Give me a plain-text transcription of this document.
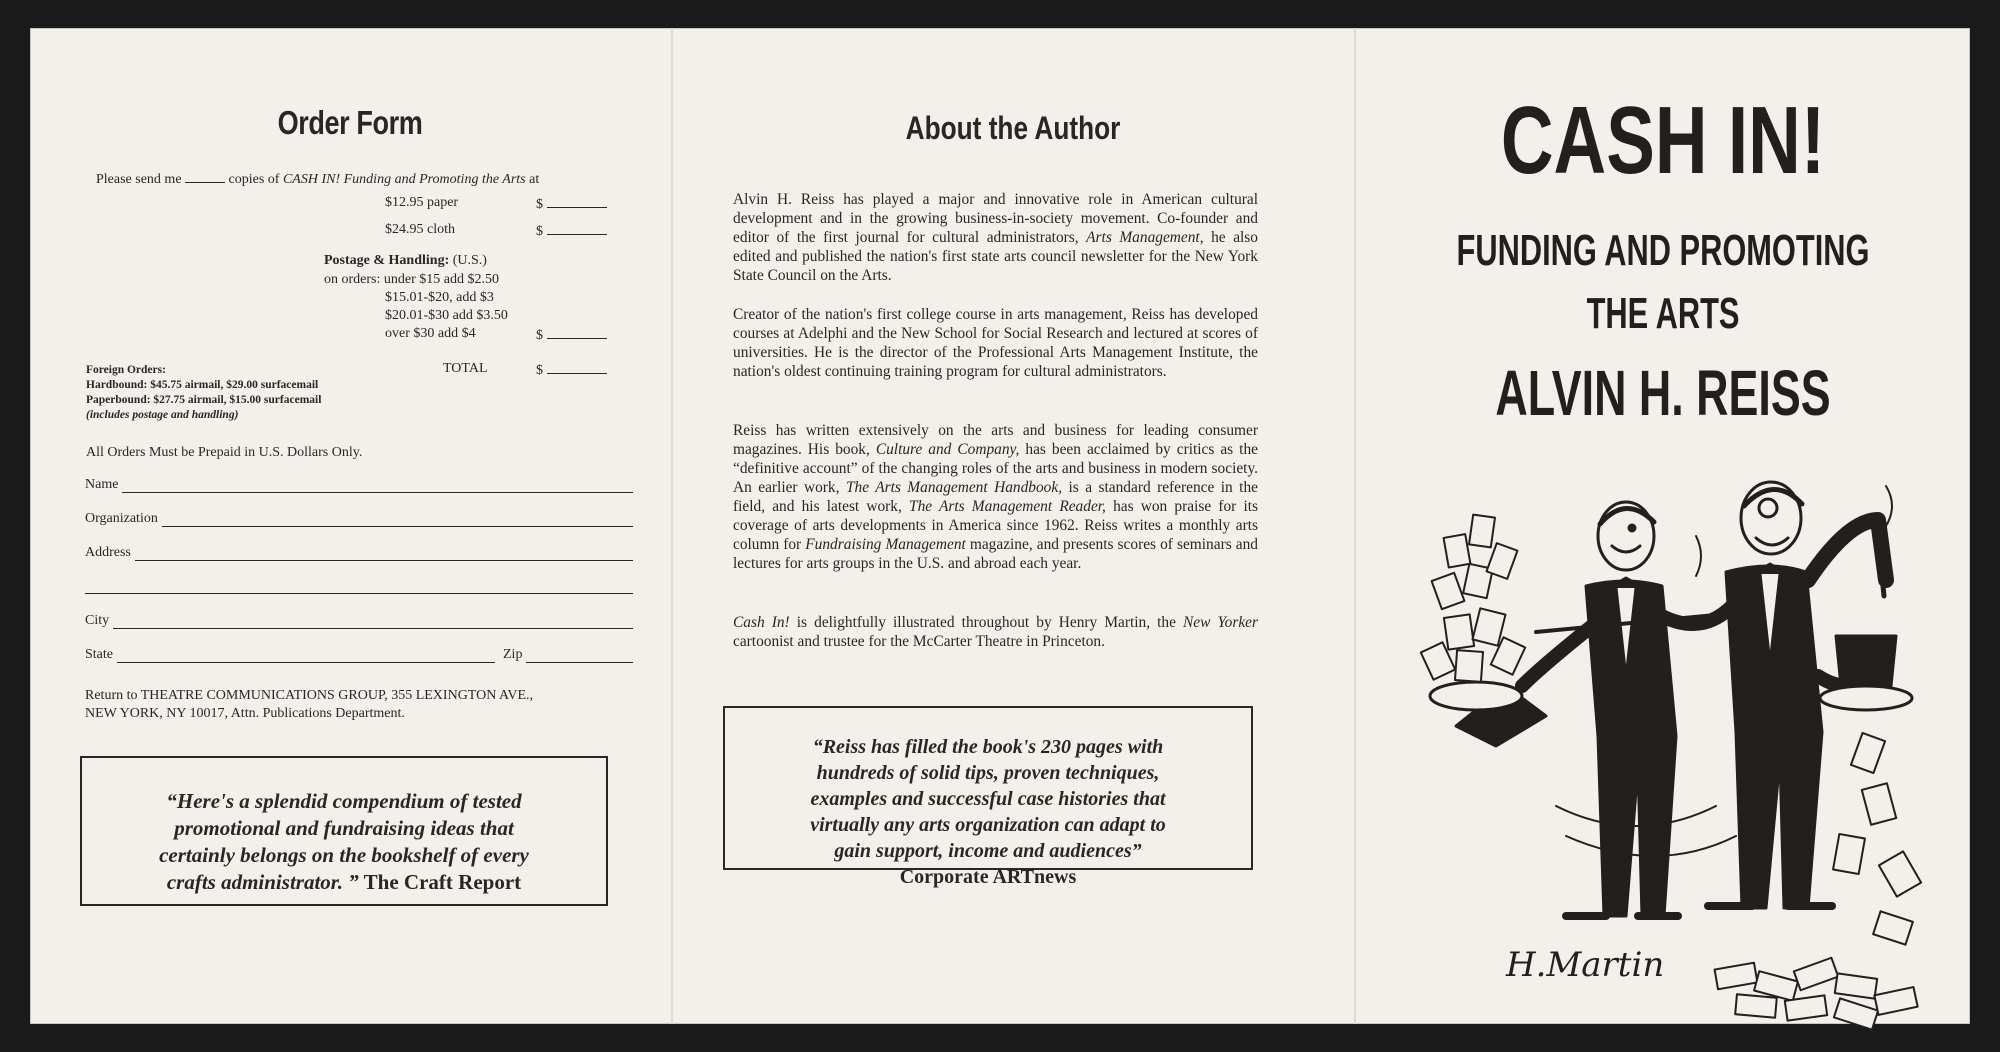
Order Form
Please send me	copies of CASH IN! Funding and Promoting the Arts at
$12.95 paper	$
$24.95 cloth	$
Postage & Handling: (U.S.)
on orders: under $15 add $2.50
$15.01-$20, add $3
$20.01-$30 add $3.50
over $30 add $4	$
Foreign Orders:
Hardbound: $45.75 airmail, $29.00 surfacemail
Paperbound: $27.75 airmail, $15.00 surfacemail
(includes postage and handling)
TOTAL	$
All Orders Must be Prepaid in U.S. Dollars Only.
Name
Organization
Address
City
State	Zip
Return to THEATRE COMMUNICATIONS GROUP, 355 LEXINGTON AVE.,
NEW YORK, NY 10017, Attn. Publications Department.
“Here's a splendid compendium of tested
promotional and fundraising ideas that
certainly belongs on the bookshelf of every
crafts administrator. ” The Craft Report
About the Author
Alvin H. Reiss has played a major and innovative role in American cultural development and in the growing business-in-society movement. Co-founder and editor of the first journal for cultural administrators, Arts Management, he also edited and published the nation's first state arts council newsletter for the New York State Council on the Arts.
Creator of the nation's first college course in arts management, Reiss has developed courses at Adelphi and the New School for Social Research and lectured at scores of universities. He is the director of the Professional Arts Management Institute, the nation's oldest continuing training program for cultural administrators.
Reiss has written extensively on the arts and business for leading consumer magazines. His book, Culture and Company, has been acclaimed by critics as the “definitive account” of the changing roles of the arts and business in modern society. An earlier work, The Arts Management Handbook, is a standard reference in the field, and his latest work, The Arts Management Reader, has won praise for its coverage of arts developments in America since 1962. Reiss writes a monthly arts column for Fundraising Management magazine, and presents scores of seminars and lectures for arts groups in the U.S. and abroad each year.
Cash In! is delightfully illustrated throughout by Henry Martin, the New Yorker cartoonist and trustee for the McCarter Theatre in Princeton.
“Reiss has filled the book's 230 pages with
hundreds of solid tips, proven techniques,
examples and successful case histories that
virtually any arts organization can adapt to
gain support, income and audiences”
Corporate ARTnews
CASH IN!
FUNDING AND PROMOTING
THE ARTS
ALVIN H. REISS
H.Martin
